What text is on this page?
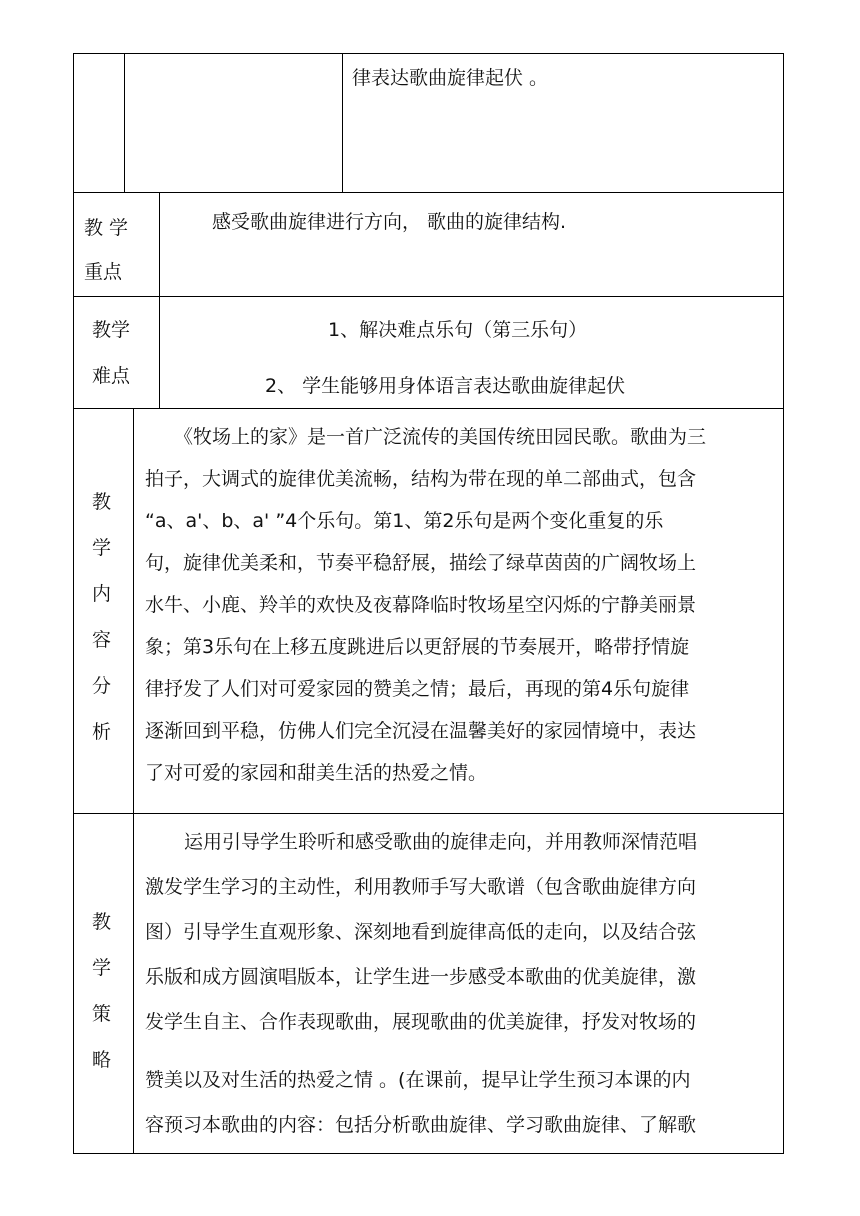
律表达歌曲旋律起伏 。
教 学
重点
感受歌曲旋律进行方向， 歌曲的旋律结构.
教学
难点
1、解决难点乐句（第三乐句）
2、 学生能够用身体语言表达歌曲旋律起伏
教
学
内
容
分
析
《牧场上的家》是一首广泛流传的美国传统田园民歌。歌曲为三
拍子，大调式的旋律优美流畅，结构为带在现的单二部曲式，包含
“a、a'、b、a' ”4个乐句。第1、第2乐句是两个变化重复的乐
句，旋律优美柔和，节奏平稳舒展，描绘了绿草茵茵的广阔牧场上
水牛、小鹿、羚羊的欢快及夜幕降临时牧场星空闪烁的宁静美丽景
象；第3乐句在上移五度跳进后以更舒展的节奏展开，略带抒情旋
律抒发了人们对可爱家园的赞美之情；最后，再现的第4乐句旋律
逐渐回到平稳，仿佛人们完全沉浸在温馨美好的家园情境中，表达
了对可爱的家园和甜美生活的热爱之情。
教
学
策
略
运用引导学生聆听和感受歌曲的旋律走向，并用教师深情范唱
激发学生学习的主动性，利用教师手写大歌谱（包含歌曲旋律方向
图）引导学生直观形象、深刻地看到旋律高低的走向，以及结合弦
乐版和成方圆演唱版本，让学生进一步感受本歌曲的优美旋律，激
发学生自主、合作表现歌曲，展现歌曲的优美旋律，抒发对牧场的
赞美以及对生活的热爱之情 。(在课前，提早让学生预习本课的内
容预习本歌曲的内容：包括分析歌曲旋律、学习歌曲旋律、了解歌
